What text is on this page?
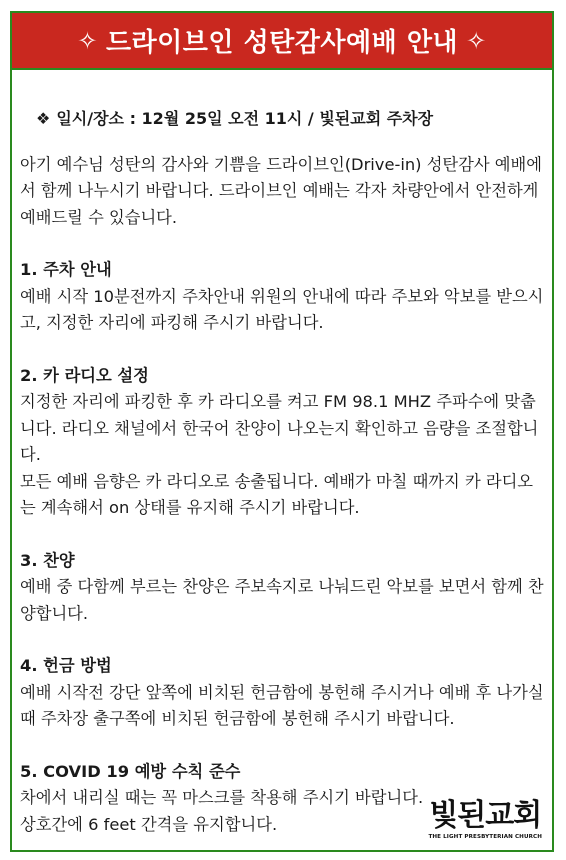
✧ 드라이브인 성탄감사예배 안내 ✧
❖ 일시/장소 : 12월 25일 오전 11시 / 빛된교회 주차장
아기 예수님 성탄의 감사와 기쁨을 드라이브인(Drive-in) 성탄감사 예배에서 함께 나누시기 바랍니다. 드라이브인 예배는 각자 차량안에서 안전하게 예배드릴 수 있습니다.
1. 주차 안내
예배 시작 10분전까지 주차안내 위원의 안내에 따라 주보와 악보를 받으시고, 지정한 자리에 파킹해 주시기 바랍니다.
2. 카 라디오 설정
지정한 자리에 파킹한 후 카 라디오를 켜고 FM 98.1 MHZ 주파수에 맞춥니다. 라디오 채널에서 한국어 찬양이 나오는지 확인하고 음량을 조절합니다.
모든 예배 음향은 카 라디오로 송출됩니다. 예배가 마칠 때까지 카 라디오는 계속해서 on 상태를 유지해 주시기 바랍니다.
3. 찬양
예배 중 다함께 부르는 찬양은 주보속지로 나눠드린 악보를 보면서 함께 찬양합니다.
4. 헌금 방법
예배 시작전 강단 앞쪽에 비치된 헌금함에 봉헌해 주시거나 예배 후 나가실 때 주차장 출구쪽에 비치된 헌금함에 봉헌해 주시기 바랍니다.
5. COVID 19 예방 수칙 준수
차에서 내리실 때는 꼭 마스크를 착용해 주시기 바랍니다.
상호간에 6 feet 간격을 유지합니다.	빛된교회
THE LIGHT PRESBYTERIAN CHURCH
